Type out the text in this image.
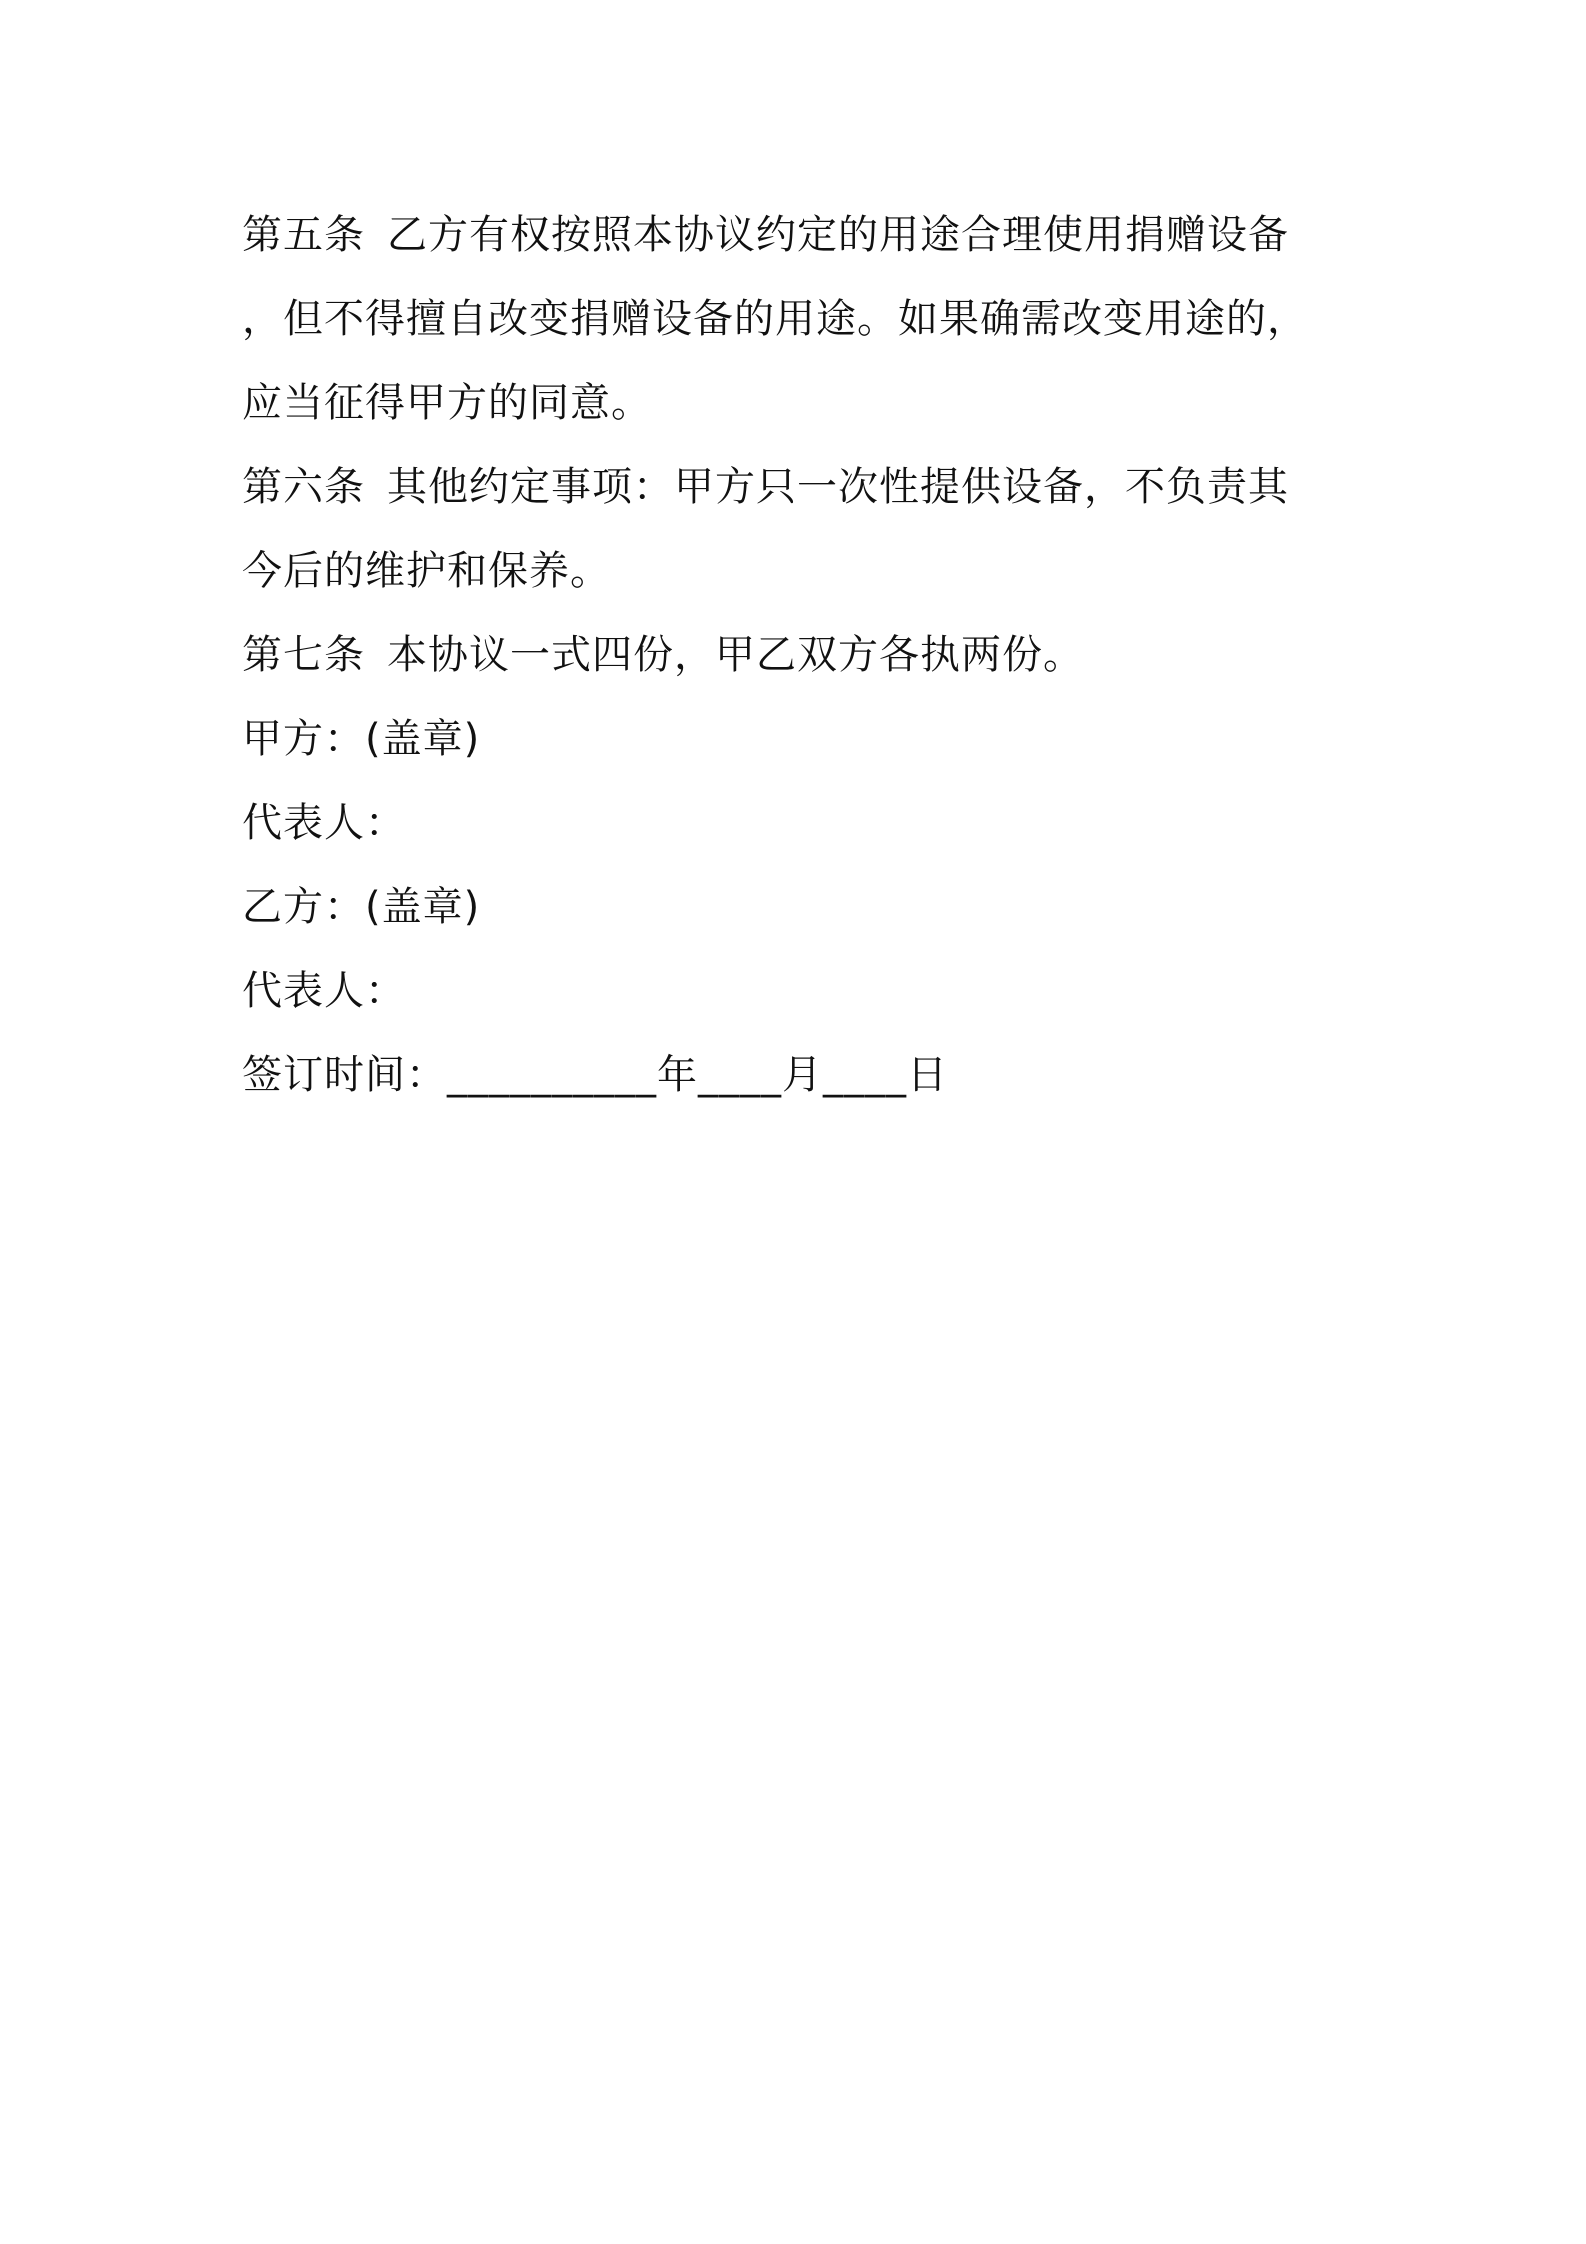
第五条 乙方有权按照本协议约定的用途合理使用捐赠设备
，但不得擅自改变捐赠设备的用途。如果确需改变用途的，
应当征得甲方的同意。
第六条 其他约定事项：甲方只一次性提供设备，不负责其
今后的维护和保养。
第七条 本协议一式四份，甲乙双方各执两份。
甲方：(盖章)
代表人：
乙方：(盖章)
代表人：
签订时间：__________年____月____日
